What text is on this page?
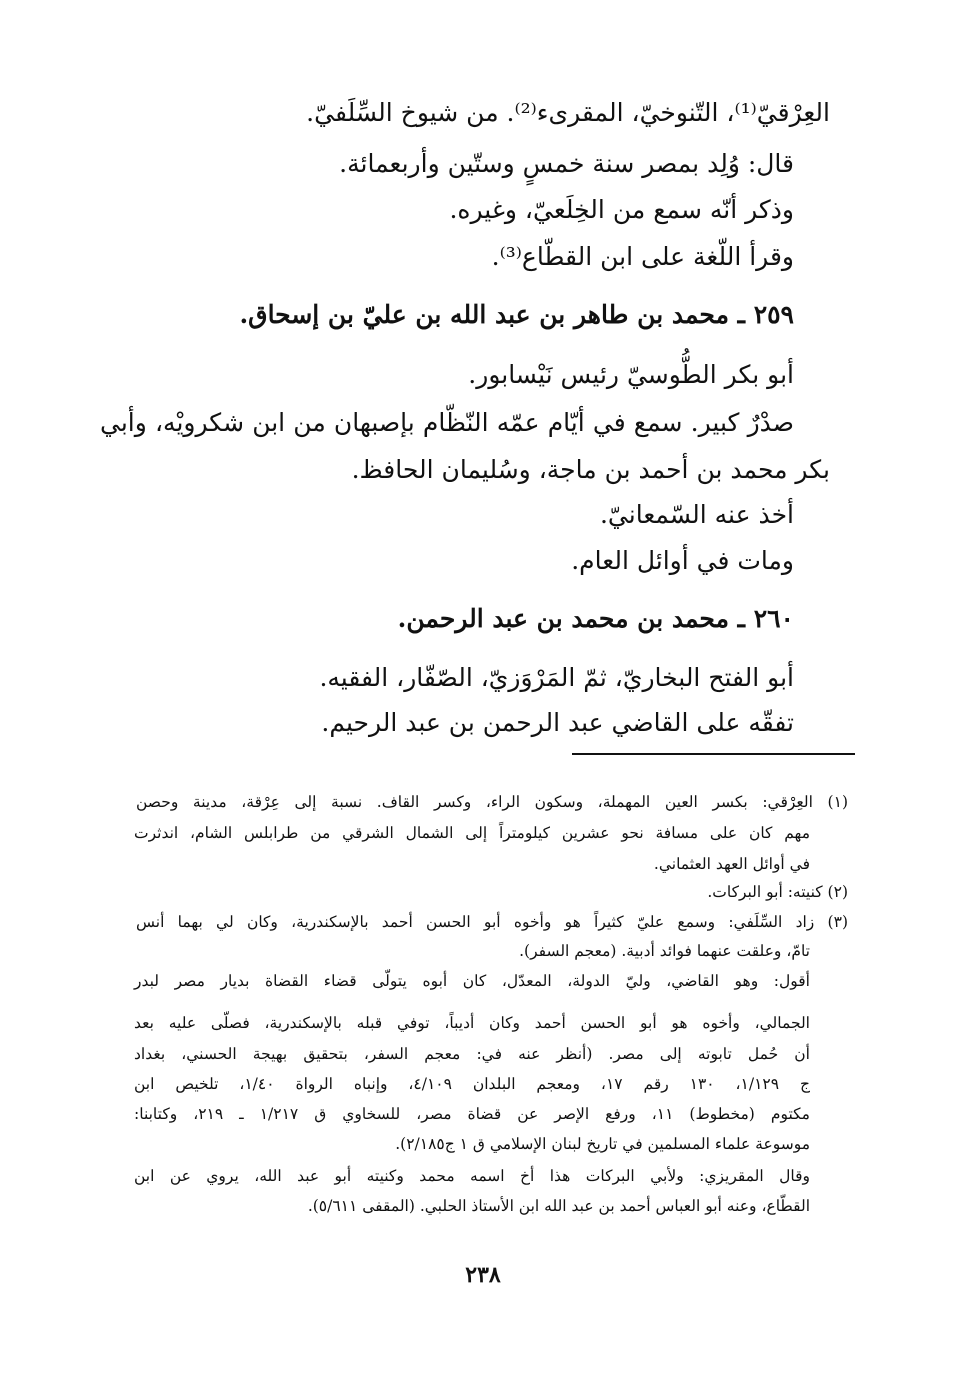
العِرْقيّ⁽¹⁾، التّنوخيّ، المقرىء⁽²⁾. من شيوخ السِّلَفيّ.
قال: وُلِد بمصر سنة خمسٍ وستّين وأربعمائة.
وذكر أنّه سمع من الخِلَعيّ، وغيره.
وقرأ اللّغة على ابن القطّاع⁽³⁾.
٢٥٩ ـ محمد بن طاهر بن عبد الله بن عليّ بن إسحاق.
أبو بكر الطُّوسيّ رئيس نَيْسابور.
صدْرٌ كبير. سمع في أيّام عمّه النّظّام بإصبهان من ابن شكرويْه، وأبي
بكر محمد بن أحمد بن ماجة، وسُليمان الحافظ.
أخذ عنه السّمعانيّ.
ومات في أوائل العام.
٢٦٠ ـ محمد بن محمد بن عبد الرحمن.
أبو الفتح البخاريّ، ثمّ المَرْوَزيّ، الصّفّار، الفقيه.
تفقّه على القاضي عبد الرحمن بن عبد الرحيم.
(١) العِرْقي: بكسر العين المهملة، وسكون الراء، وكسر القاف. نسبة إلى عِرْقة، مدينة وحصن
مهم كان على مسافة نحو عشرين كيلومتراً إلى الشمال الشرقي من طرابلس الشام، اندثرت
في أوائل العهد العثماني.
(٢) كنيته: أبو البركات.
(٣) زاد السِّلَفي: وسمع عليّ كثيراً هو وأخوه أبو الحسن أحمد بالإسكندرية، وكان لي بهما أنس
تامّ، وعلقت عنهما فوائد أدبية. (معجم السفر).
أقول: وهو القاضي، وليّ الدولة، المعدّل، كان أبوه يتولّى قضاء القضاة بديار مصر لبدر
الجمالي، وأخوه هو أبو الحسن أحمد وكان أديباً، توفي قبله بالإسكندرية، فصلّى عليه بعد
أن حُمل تابوته إلى مصر. (أنظر عنه في: معجم السفر، بتحقيق بهيجة الحسني، بغداد
ج ١/١٢٩، ١٣٠ رقم ١٧، ومعجم البلدان ٤/١٠٩، وإنباه الرواة ١/٤٠، تلخيص ابن
مكتوم (مخطوط) ١١، ورفع الإصر عن قضاة مصر، للسخاوي ق ١/٢١٧ ـ ٢١٩، وكتابنا:
موسوعة علماء المسلمين في تاريخ لبنان الإسلامي ق ١ ج٢/١٨٥).
وقال المقريزي: ولأبي البركات هذا أخ اسمه محمد وكنيته أبو عبد الله، يروي عن ابن
القطّاع، وعنه أبو العباس أحمد بن عبد الله ابن الأستاذ الحلبي. (المقفى ٥/٦١١).
٢٣٨
